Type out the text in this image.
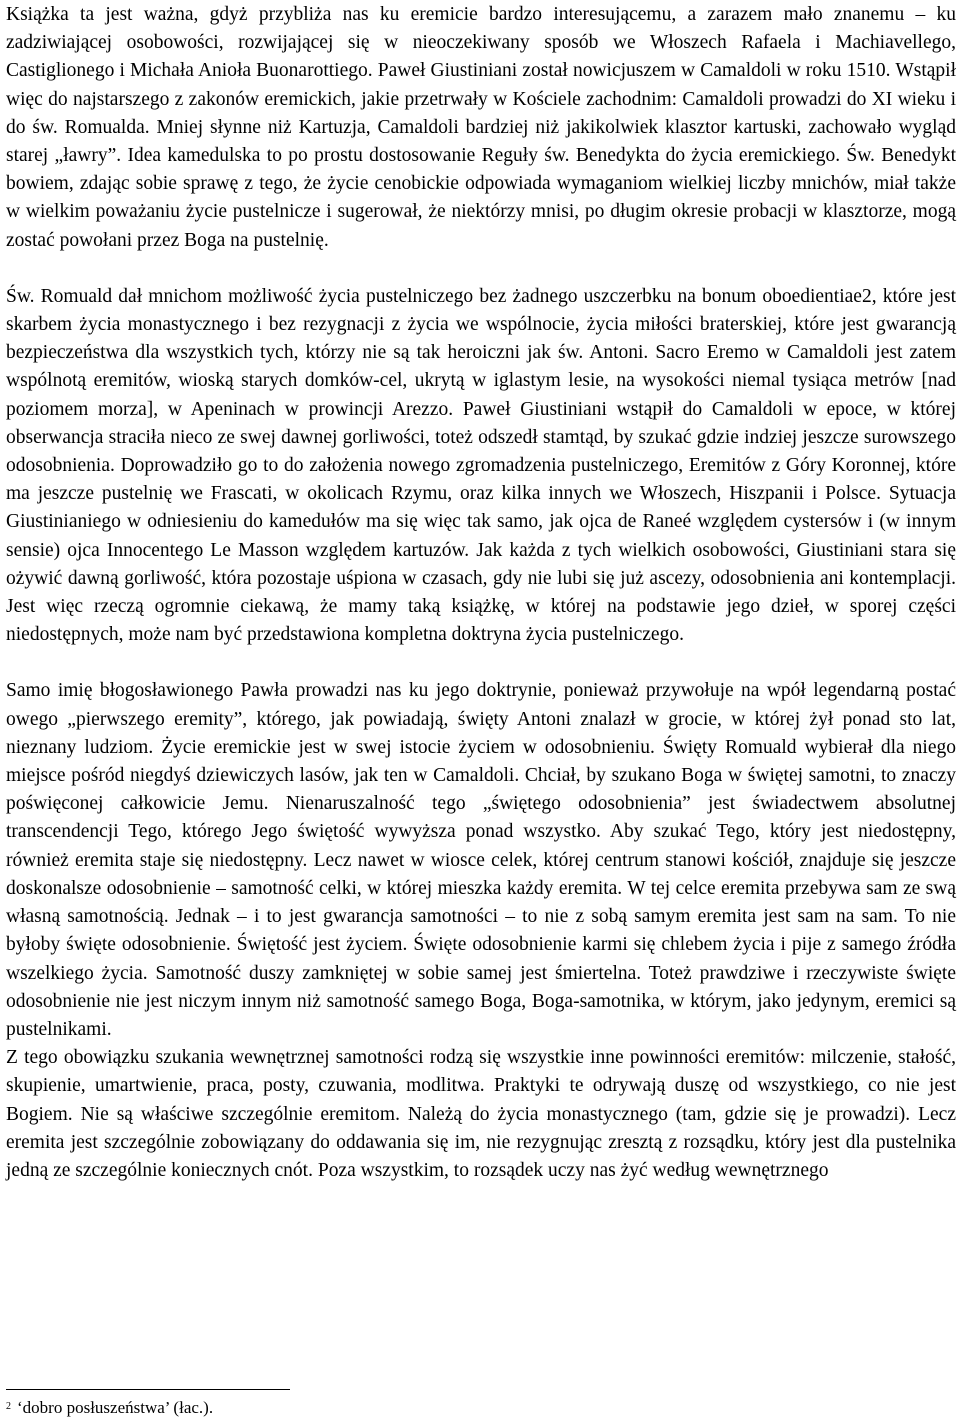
Książka ta jest ważna, gdyż przybliża nas ku eremicie bardzo interesującemu, a zarazem mało znanemu – ku zadziwiającej osobowości, rozwijającej się w nieoczekiwany sposób we Włoszech Rafaela i Machiavellego, Castiglionego i Michała Anioła Buonarottiego. Paweł Giustiniani został nowicjuszem w Camaldoli w roku 1510. Wstąpił więc do najstarszego z zakonów eremickich, jakie przetrwały w Kościele zachodnim: Camaldoli prowadzi do XI wieku i do św. Romualda. Mniej słynne niż Kartuzja, Camaldoli bardziej niż jakikolwiek klasztor kartuski, zachowało wygląd starej „ławry”. Idea kamedulska to po prostu dostosowanie Reguły św. Benedykta do życia eremickiego. Św. Benedykt bowiem, zdając sobie sprawę z tego, że życie cenobickie odpowiada wymaganiom wielkiej liczby mnichów, miał także w wielkim poważaniu życie pustelnicze i sugerował, że niektórzy mnisi, po długim okresie probacji w klasztorze, mogą zostać powołani przez Boga na pustelnię.

Św. Romuald dał mnichom możliwość życia pustelniczego bez żadnego uszczerbku na bonum oboedientiae2, które jest skarbem życia monastycznego i bez rezygnacji z życia we wspólnocie, życia miłości braterskiej, które jest gwarancją bezpieczeństwa dla wszystkich tych, którzy nie są tak heroiczni jak św. Antoni. Sacro Eremo w Camaldoli jest zatem wspólnotą eremitów, wioską starych domków-cel, ukrytą w iglastym lesie, na wysokości niemal tysiąca metrów [nad poziomem morza], w Apeninach w prowincji Arezzo. Paweł Giustiniani wstąpił do Camaldoli w epoce, w której obserwancja straciła nieco ze swej dawnej gorliwości, toteż odszedł stamtąd, by szukać gdzie indziej jeszcze surowszego odosobnienia. Doprowadziło go to do założenia nowego zgromadzenia pustelniczego, Eremitów z Góry Koronnej, które ma jeszcze pustelnię we Frascati, w okolicach Rzymu, oraz kilka innych we Włoszech, Hiszpanii i Polsce. Sytuacja Giustinianiego w odniesieniu do kamedułów ma się więc tak samo, jak ojca de Raneé względem cystersów i (w innym sensie) ojca Innocentego Le Masson względem kartuzów. Jak każda z tych wielkich osobowości, Giustiniani stara się ożywić dawną gorliwość, która pozostaje uśpiona w czasach, gdy nie lubi się już ascezy, odosobnienia ani kontemplacji. Jest więc rzeczą ogromnie ciekawą, że mamy taką książkę, w której na podstawie jego dzieł, w sporej części niedostępnych, może nam być przedstawiona kompletna doktryna życia pustelniczego.

Samo imię błogosławionego Pawła prowadzi nas ku jego doktrynie, ponieważ przywołuje na wpół legendarną postać owego „pierwszego eremity”, którego, jak powiadają, święty Antoni znalazł w grocie, w której żył ponad sto lat, nieznany ludziom. Życie eremickie jest w swej istocie życiem w odosobnieniu. Święty Romuald wybierał dla niego miejsce pośród niegdyś dziewiczych lasów, jak ten w Camaldoli. Chciał, by szukano Boga w świętej samotni, to znaczy poświęconej całkowicie Jemu. Nienaruszalność tego „świętego odosobnienia” jest świadectwem absolutnej transcendencji Tego, którego Jego świętość wywyższa ponad wszystko. Aby szukać Tego, który jest niedostępny, również eremita staje się niedostępny. Lecz nawet w wiosce celek, której centrum stanowi kościół, znajduje się jeszcze doskonalsze odosobnienie – samotność celki, w której mieszka każdy eremita. W tej celce eremita przebywa sam ze swą własną samotnością. Jednak – i to jest gwarancja samotności – to nie z sobą samym eremita jest sam na sam. To nie byłoby święte odosobnienie. Świętość jest życiem. Święte odosobnienie karmi się chlebem życia i pije z samego źródła wszelkiego życia. Samotność duszy zamkniętej w sobie samej jest śmiertelna. Toteż prawdziwe i rzeczywiste święte odosobnienie nie jest niczym innym niż samotność samego Boga, Boga-samotnika, w którym, jako jedynym, eremici są pustelnikami.

Z tego obowiązku szukania wewnętrznej samotności rodzą się wszystkie inne powinności eremitów: milczenie, stałość, skupienie, umartwienie, praca, posty, czuwania, modlitwa. Praktyki te odrywają duszę od wszystkiego, co nie jest Bogiem. Nie są właściwe szczególnie eremitom. Należą do życia monastycznego (tam, gdzie się je prowadzi). Lecz eremita jest szczególnie zobowiązany do oddawania się im, nie rezygnując zresztą z rozsądku, który jest dla pustelnika jedną ze szczególnie koniecznych cnót. Poza wszystkim, to rozsądek uczy nas żyć według wewnętrznego

$^2$ ‘dobro posłuszeństwa’ (łac.).
